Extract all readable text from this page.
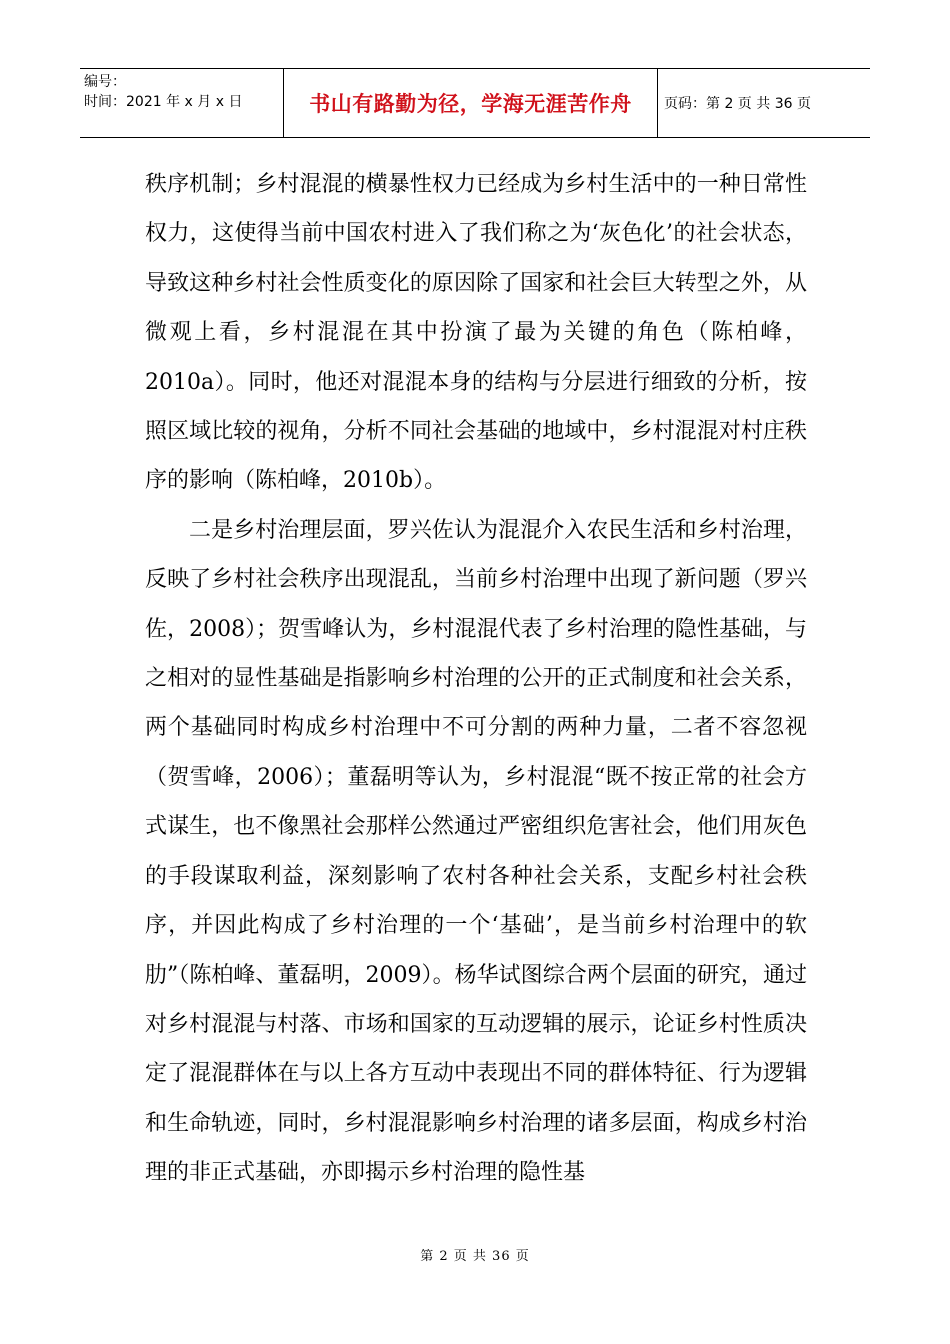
编号：
时间：2021 年 x 月 x 日	书山有路勤为径，学海无涯苦作舟	页码：第 2 页 共 36 页

秩序机制；乡村混混的横暴性权力已经成为乡村生活中的一种日常性权力，这使得当前中国农村进入了我们称之为‘灰色化’的社会状态，导致这种乡村社会性质变化的原因除了国家和社会巨大转型之外，从微观上看，乡村混混在其中扮演了最为关键的角色（陈柏峰，2010a）。同时，他还对混混本身的结构与分层进行细致的分析，按照区域比较的视角，分析不同社会基础的地域中，乡村混混对村庄秩序的影响（陈柏峰，2010b）。

二是乡村治理层面，罗兴佐认为混混介入农民生活和乡村治理，反映了乡村社会秩序出现混乱，当前乡村治理中出现了新问题（罗兴佐，2008）；贺雪峰认为，乡村混混代表了乡村治理的隐性基础，与之相对的显性基础是指影响乡村治理的公开的正式制度和社会关系，两个基础同时构成乡村治理中不可分割的两种力量，二者不容忽视（贺雪峰，2006）；董磊明等认为，乡村混混“既不按正常的社会方式谋生，也不像黑社会那样公然通过严密组织危害社会，他们用灰色的手段谋取利益，深刻影响了农村各种社会关系，支配乡村社会秩序，并因此构成了乡村治理的一个‘基础’，是当前乡村治理中的软肋”（陈柏峰、董磊明，2009）。杨华试图综合两个层面的研究，通过对乡村混混与村落、市场和国家的互动逻辑的展示，论证乡村性质决定了混混群体在与以上各方互动中表现出不同的群体特征、行为逻辑和生命轨迹，同时，乡村混混影响乡村治理的诸多层面，构成乡村治理的非正式基础，亦即揭示乡村治理的隐性基

第 2 页 共 36 页
